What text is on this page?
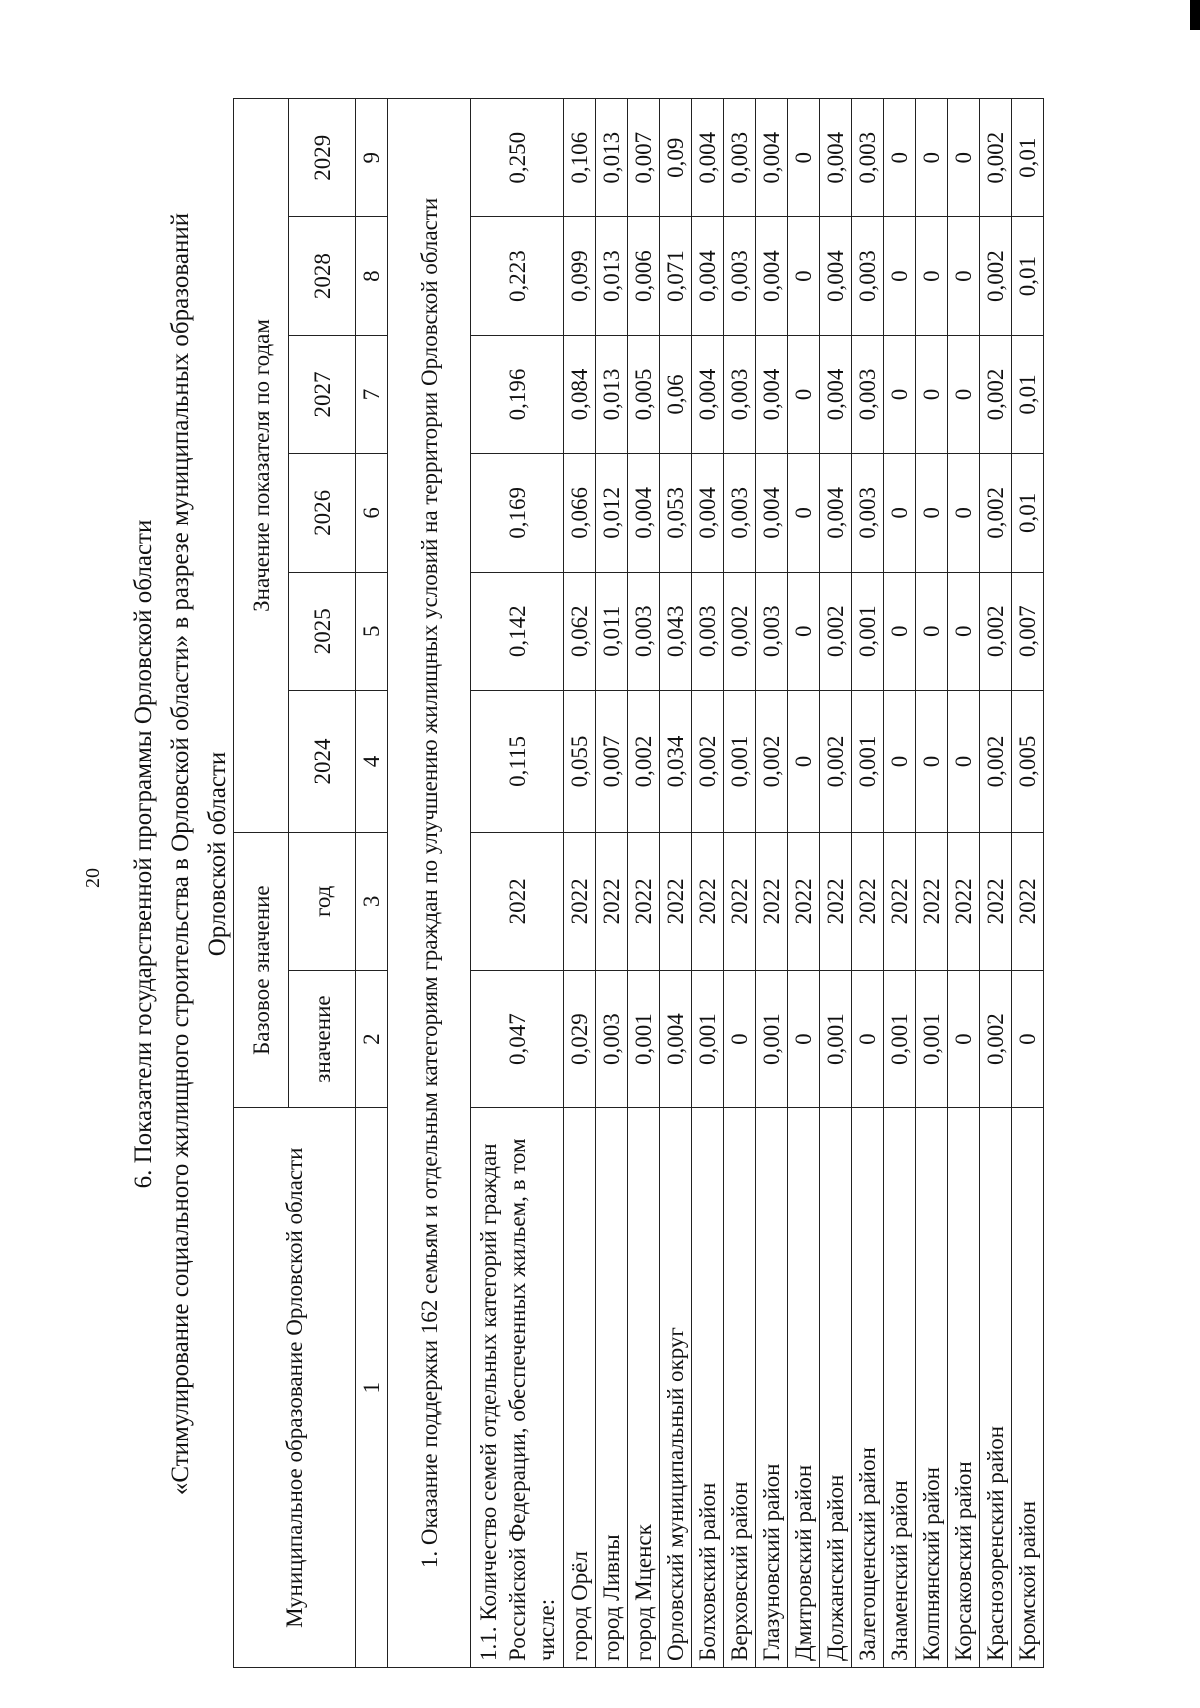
20 6. Показатели государственной программы Орловской области «Стимулирование социального жилищного строительства в Орловской области» в разрезе муниципальных образований Орловской области
Муниципальное образование Орловской области	Базовое значение		Значение показателя по годам					
	значение	год	2024	2025	2026	2027	2028	2029
1	2	3	4	5	6	7	8	9
1. Оказание поддержки 162 семьям и отдельным категориям граждан по улучшению жилищных условий на территории Орловской области								
1.1. Количество семей отдельных категорий граждан Российской Федерации, обеспеченных жильем, в том числе:	0,047	2022	0,115	0,142	0,169	0,196	0,223	0,250
город Орёл	0,029	2022	0,055	0,062	0,066	0,084	0,099	0,106
город Ливны	0,003	2022	0,007	0,011	0,012	0,013	0,013	0,013
город Мценск	0,001	2022	0,002	0,003	0,004	0,005	0,006	0,007
Орловский муниципальный округ	0,004	2022	0,034	0,043	0,053	0,06	0,071	0,09
Болховский район	0,001	2022	0,002	0,003	0,004	0,004	0,004	0,004
Верховский район	0	2022	0,001	0,002	0,003	0,003	0,003	0,003
Глазуновский район	0,001	2022	0,002	0,003	0,004	0,004	0,004	0,004
Дмитровский район	0	2022	0	0	0	0	0	0
Должанский район	0,001	2022	0,002	0,002	0,004	0,004	0,004	0,004
Залегощенский район	0	2022	0,001	0,001	0,003	0,003	0,003	0,003
Знаменский район	0,001	2022	0	0	0	0	0	0
Колпнянский район	0,001	2022	0	0	0	0	0	0
Корсаковский район	0	2022	0	0	0	0	0	0
Краснозоренский район	0,002	2022	0,002	0,002	0,002	0,002	0,002	0,002
Кромской район	0	2022	0,005	0,007	0,01	0,01	0,01	0,01
